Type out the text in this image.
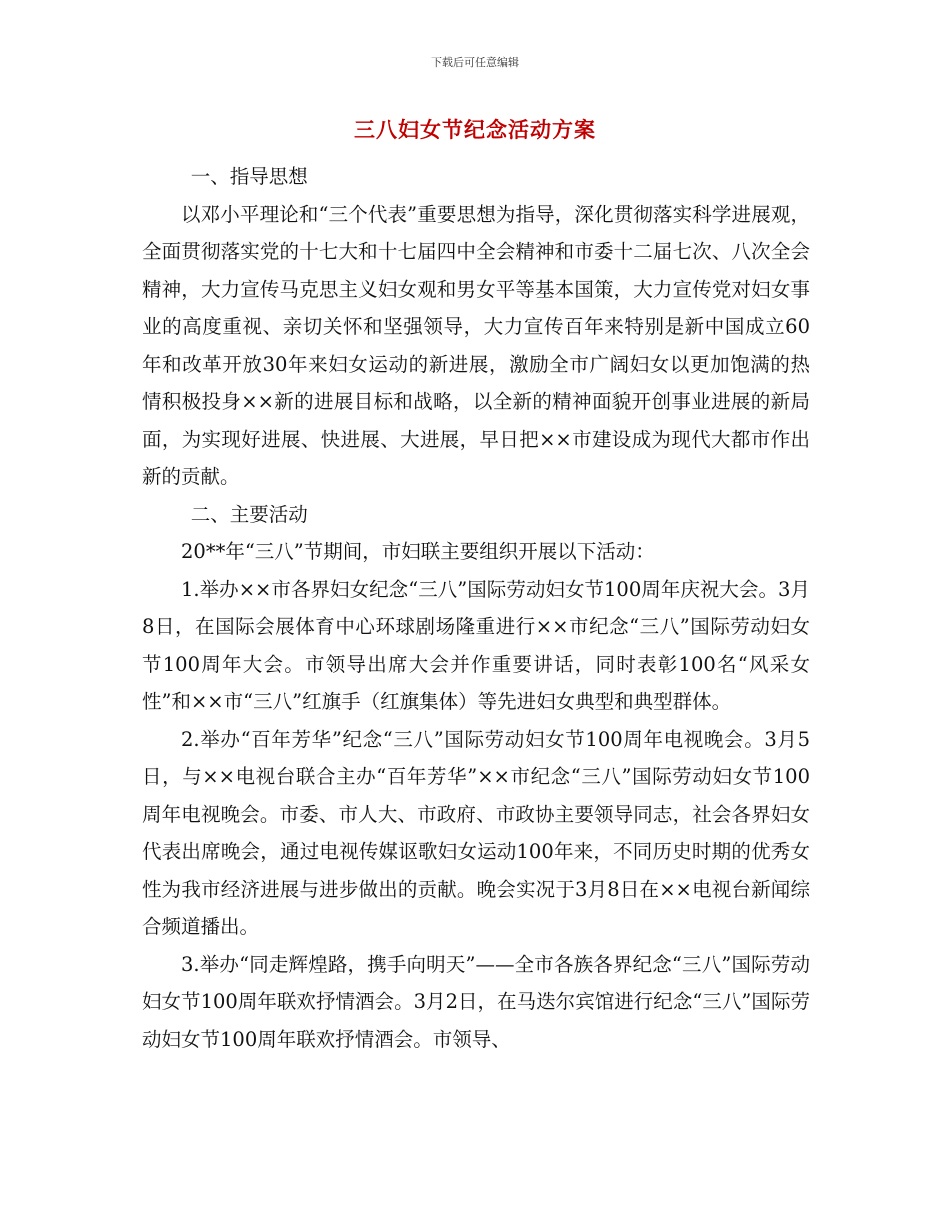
下载后可任意编辑
三八妇女节纪念活动方案

一、指导思想

以邓小平理论和“三个代表”重要思想为指导，深化贯彻落实科学进展观，全面贯彻落实党的十七大和十七届四中全会精神和市委十二届七次、八次全会精神，大力宣传马克思主义妇女观和男女平等基本国策，大力宣传党对妇女事业的高度重视、亲切关怀和坚强领导，大力宣传百年来特别是新中国成立60年和改革开放30年来妇女运动的新进展，激励全市广阔妇女以更加饱满的热情积极投身××新的进展目标和战略，以全新的精神面貌开创事业进展的新局面，为实现好进展、快进展、大进展，早日把××市建设成为现代大都市作出新的贡献。

二、主要活动

20**年“三八”节期间，市妇联主要组织开展以下活动：

1.举办××市各界妇女纪念“三八”国际劳动妇女节100周年庆祝大会。3月8日，在国际会展体育中心环球剧场隆重进行××市纪念“三八”国际劳动妇女节100周年大会。市领导出席大会并作重要讲话，同时表彰100名“风采女性”和××市“三八”红旗手（红旗集体）等先进妇女典型和典型群体。

2.举办“百年芳华”纪念“三八”国际劳动妇女节100周年电视晚会。3月5日，与××电视台联合主办“百年芳华”××市纪念“三八”国际劳动妇女节100周年电视晚会。市委、市人大、市政府、市政协主要领导同志，社会各界妇女代表出席晚会，通过电视传媒讴歌妇女运动100年来，不同历史时期的优秀女性为我市经济进展与进步做出的贡献。晚会实况于3月8日在××电视台新闻综合频道播出。

3.举办“同走辉煌路，携手向明天”——全市各族各界纪念“三八”国际劳动妇女节100周年联欢抒情酒会。3月2日，在马迭尔宾馆进行纪念“三八”国际劳动妇女节100周年联欢抒情酒会。市领导、
